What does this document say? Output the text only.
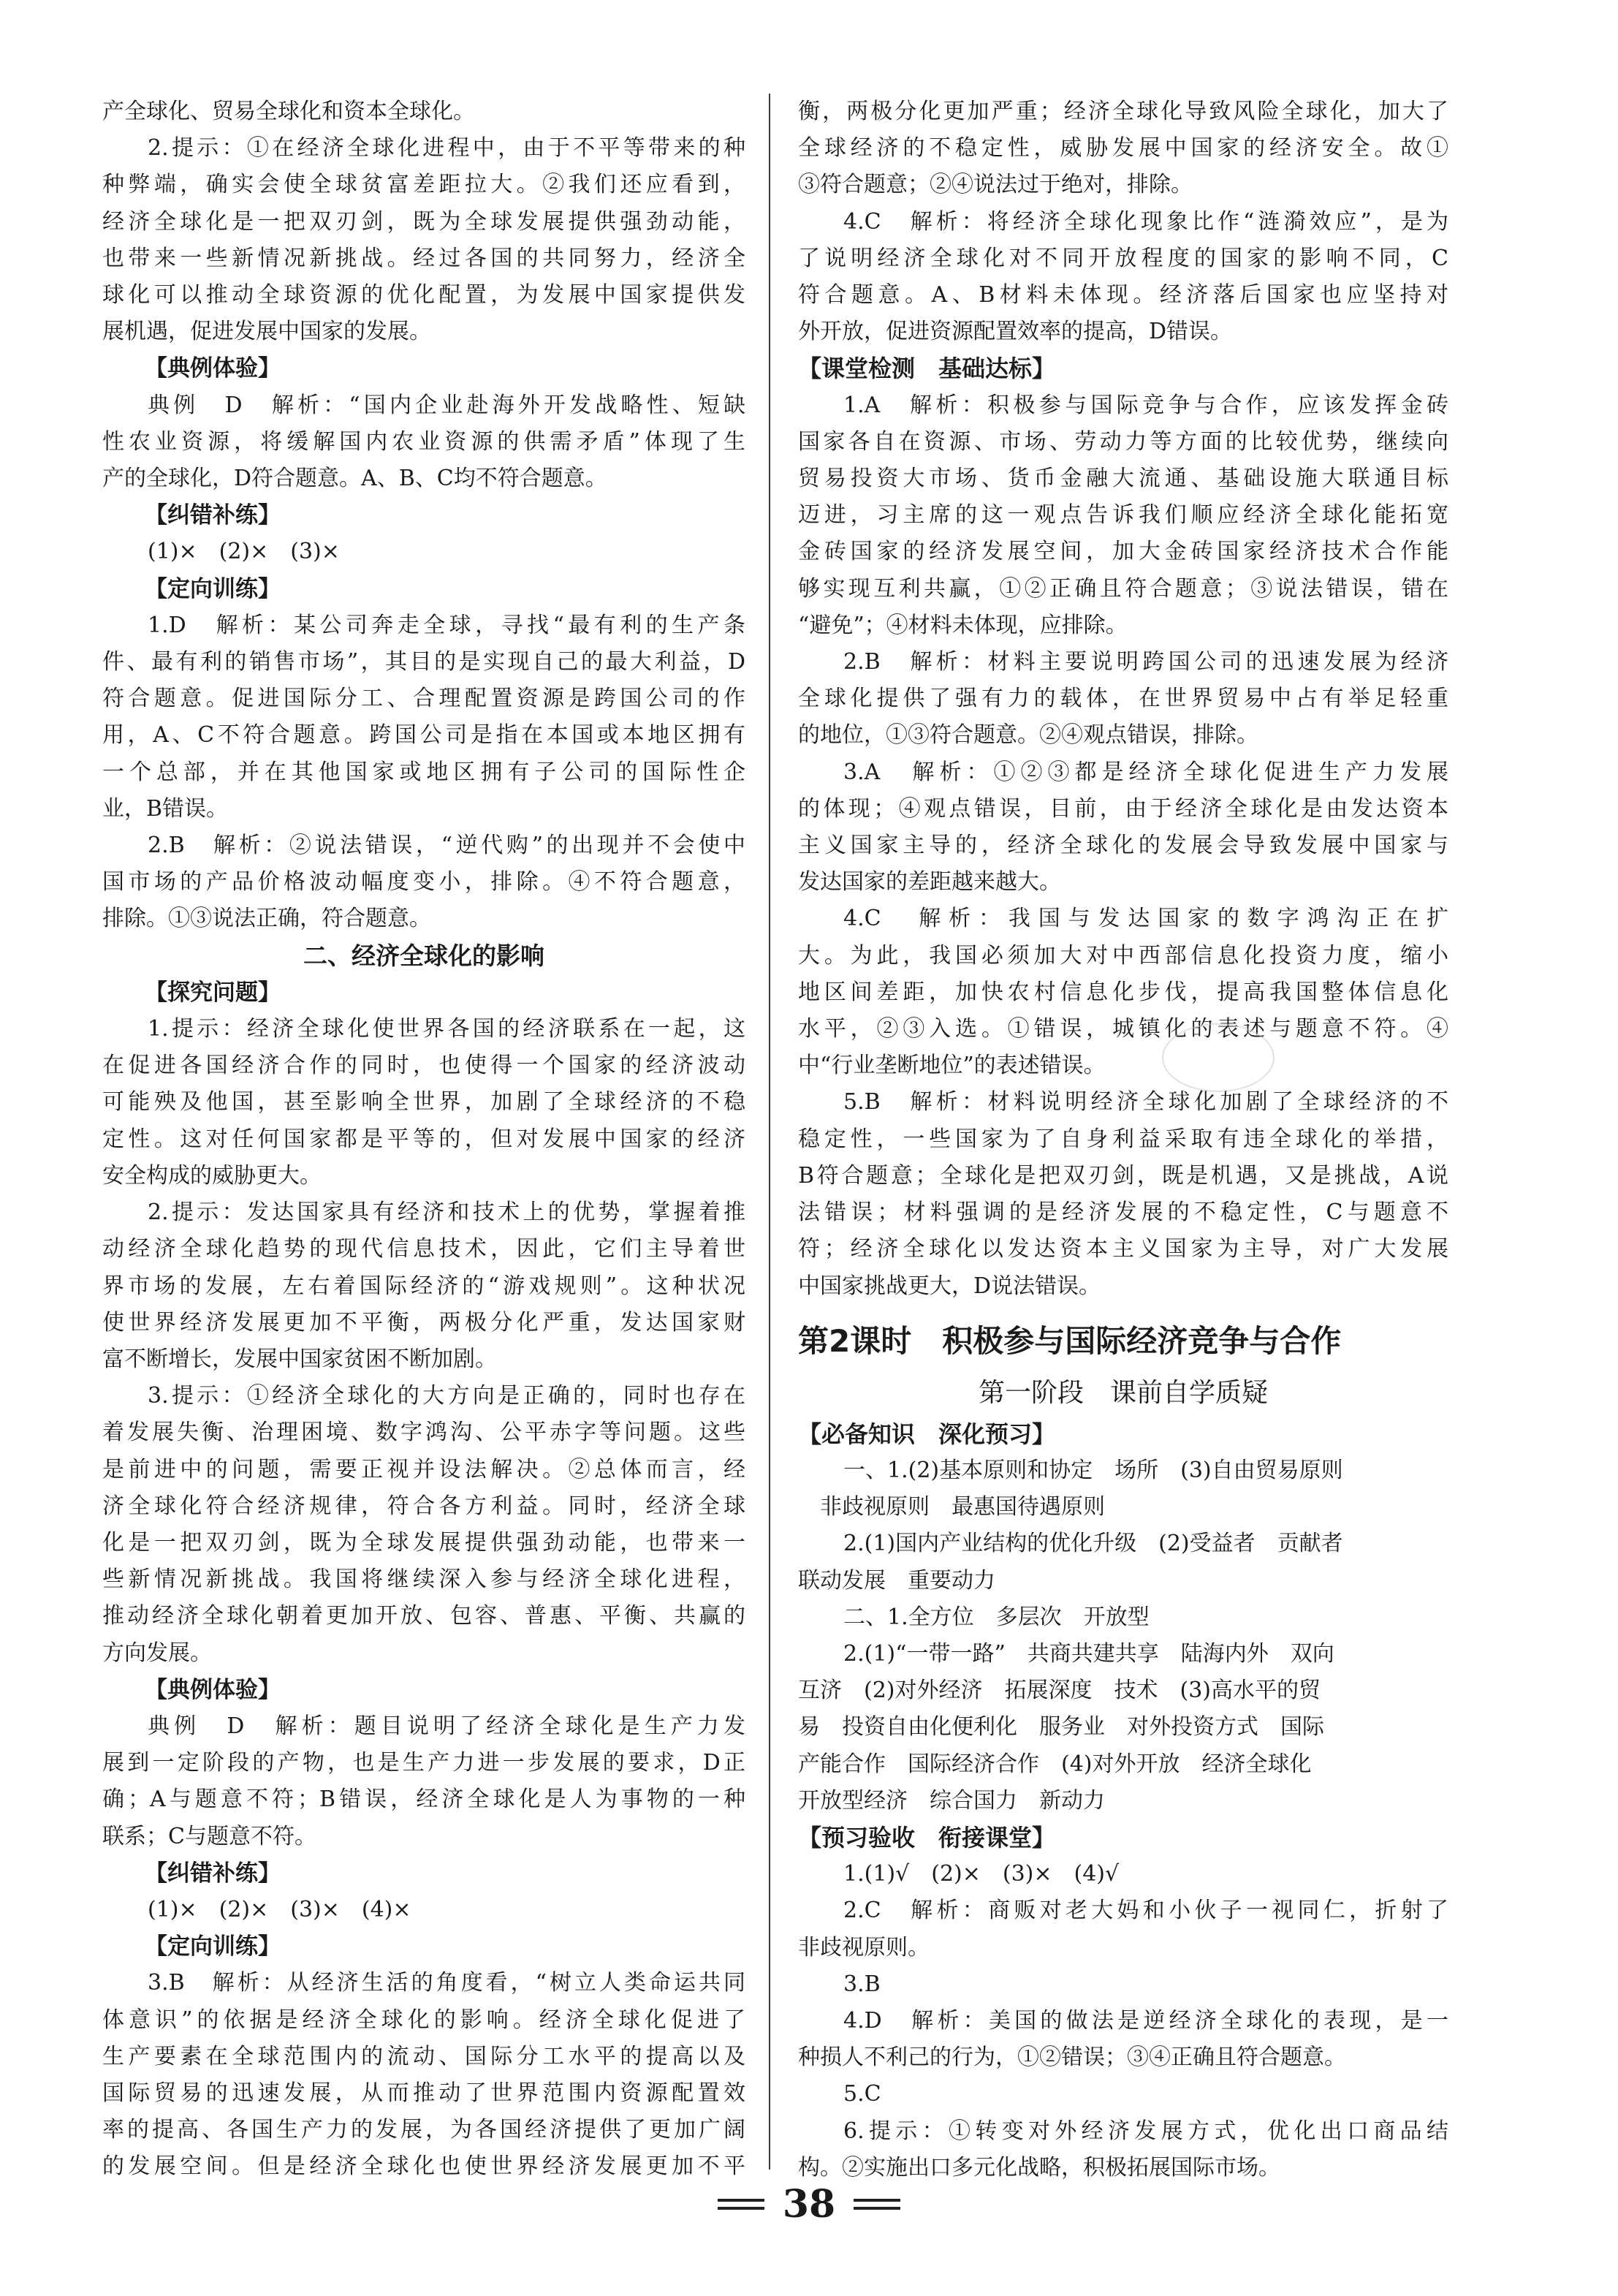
产全球化、贸易全球化和资本全球化。
2.提示：①在经济全球化进程中，由于不平等带来的种
种弊端，确实会使全球贫富差距拉大。②我们还应看到，
经济全球化是一把双刃剑，既为全球发展提供强劲动能，
也带来一些新情况新挑战。经过各国的共同努力，经济全
球化可以推动全球资源的优化配置，为发展中国家提供发
展机遇，促进发展中国家的发展。
【典例体验】
典例　D　解析：“国内企业赴海外开发战略性、短缺
性农业资源，将缓解国内农业资源的供需矛盾”体现了生
产的全球化，D符合题意。A、B、C均不符合题意。
【纠错补练】
(1)×　(2)×　(3)×
【定向训练】
1.D　解析：某公司奔走全球，寻找“最有利的生产条
件、最有利的销售市场”，其目的是实现自己的最大利益，D
符合题意。促进国际分工、合理配置资源是跨国公司的作
用，A、C不符合题意。跨国公司是指在本国或本地区拥有
一个总部，并在其他国家或地区拥有子公司的国际性企
业，B错误。
2.B　解析：②说法错误，“逆代购”的出现并不会使中
国市场的产品价格波动幅度变小，排除。④不符合题意，
排除。①③说法正确，符合题意。
二、经济全球化的影响
【探究问题】
1.提示：经济全球化使世界各国的经济联系在一起，这
在促进各国经济合作的同时，也使得一个国家的经济波动
可能殃及他国，甚至影响全世界，加剧了全球经济的不稳
定性。这对任何国家都是平等的，但对发展中国家的经济
安全构成的威胁更大。
2.提示：发达国家具有经济和技术上的优势，掌握着推
动经济全球化趋势的现代信息技术，因此，它们主导着世
界市场的发展，左右着国际经济的“游戏规则”。这种状况
使世界经济发展更加不平衡，两极分化严重，发达国家财
富不断增长，发展中国家贫困不断加剧。
3.提示：①经济全球化的大方向是正确的，同时也存在
着发展失衡、治理困境、数字鸿沟、公平赤字等问题。这些
是前进中的问题，需要正视并设法解决。②总体而言，经
济全球化符合经济规律，符合各方利益。同时，经济全球
化是一把双刃剑，既为全球发展提供强劲动能，也带来一
些新情况新挑战。我国将继续深入参与经济全球化进程，
推动经济全球化朝着更加开放、包容、普惠、平衡、共赢的
方向发展。
【典例体验】
典例　D　解析：题目说明了经济全球化是生产力发
展到一定阶段的产物，也是生产力进一步发展的要求，D正
确；A与题意不符；B错误，经济全球化是人为事物的一种
联系；C与题意不符。
【纠错补练】
(1)×　(2)×　(3)×　(4)×
【定向训练】
3.B　解析：从经济生活的角度看，“树立人类命运共同
体意识”的依据是经济全球化的影响。经济全球化促进了
生产要素在全球范围内的流动、国际分工水平的提高以及
国际贸易的迅速发展，从而推动了世界范围内资源配置效
率的提高、各国生产力的发展，为各国经济提供了更加广阔
的发展空间。但是经济全球化也使世界经济发展更加不平
衡，两极分化更加严重；经济全球化导致风险全球化，加大了
全球经济的不稳定性，威胁发展中国家的经济安全。故①
③符合题意；②④说法过于绝对，排除。
4.C　解析：将经济全球化现象比作“涟漪效应”，是为
了说明经济全球化对不同开放程度的国家的影响不同，C
符合题意。A、B材料未体现。经济落后国家也应坚持对
外开放，促进资源配置效率的提高，D错误。
【课堂检测　基础达标】
1.A　解析：积极参与国际竞争与合作，应该发挥金砖
国家各自在资源、市场、劳动力等方面的比较优势，继续向
贸易投资大市场、货币金融大流通、基础设施大联通目标
迈进，习主席的这一观点告诉我们顺应经济全球化能拓宽
金砖国家的经济发展空间，加大金砖国家经济技术合作能
够实现互利共赢，①②正确且符合题意；③说法错误，错在
“避免”；④材料未体现，应排除。
2.B　解析：材料主要说明跨国公司的迅速发展为经济
全球化提供了强有力的载体，在世界贸易中占有举足轻重
的地位，①③符合题意。②④观点错误，排除。
3.A　解析：①②③都是经济全球化促进生产力发展
的体现；④观点错误，目前，由于经济全球化是由发达资本
主义国家主导的，经济全球化的发展会导致发展中国家与
发达国家的差距越来越大。
4.C　解析：我国与发达国家的数字鸿沟正在扩
大。为此，我国必须加大对中西部信息化投资力度，缩小
地区间差距，加快农村信息化步伐，提高我国整体信息化
水平，②③入选。①错误，城镇化的表述与题意不符。④
中“行业垄断地位”的表述错误。
5.B　解析：材料说明经济全球化加剧了全球经济的不
稳定性，一些国家为了自身利益采取有违全球化的举措，
B符合题意；全球化是把双刃剑，既是机遇，又是挑战，A说
法错误；材料强调的是经济发展的不稳定性，C与题意不
符；经济全球化以发达资本主义国家为主导，对广大发展
中国家挑战更大，D说法错误。
第2课时　积极参与国际经济竞争与合作
第一阶段　课前自学质疑
【必备知识　深化预习】
一、1.(2)基本原则和协定　场所　(3)自由贸易原则
非歧视原则　最惠国待遇原则
2.(1)国内产业结构的优化升级　(2)受益者　贡献者
联动发展　重要动力
二、1.全方位　多层次　开放型
2.(1)“一带一路”　共商共建共享　陆海内外　双向
互济　(2)对外经济　拓展深度　技术　(3)高水平的贸
易　投资自由化便利化　服务业　对外投资方式　国际
产能合作　国际经济合作　(4)对外开放　经济全球化
开放型经济　综合国力　新动力
【预习验收　衔接课堂】
1.(1)√　(2)×　(3)×　(4)√
2.C　解析：商贩对老大妈和小伙子一视同仁，折射了
非歧视原则。
3.B
4.D　解析：美国的做法是逆经济全球化的表现，是一
种损人不利己的行为，①②错误；③④正确且符合题意。
5.C
6.提示：①转变对外经济发展方式，优化出口商品结
构。②实施出口多元化战略，积极拓展国际市场。
38
